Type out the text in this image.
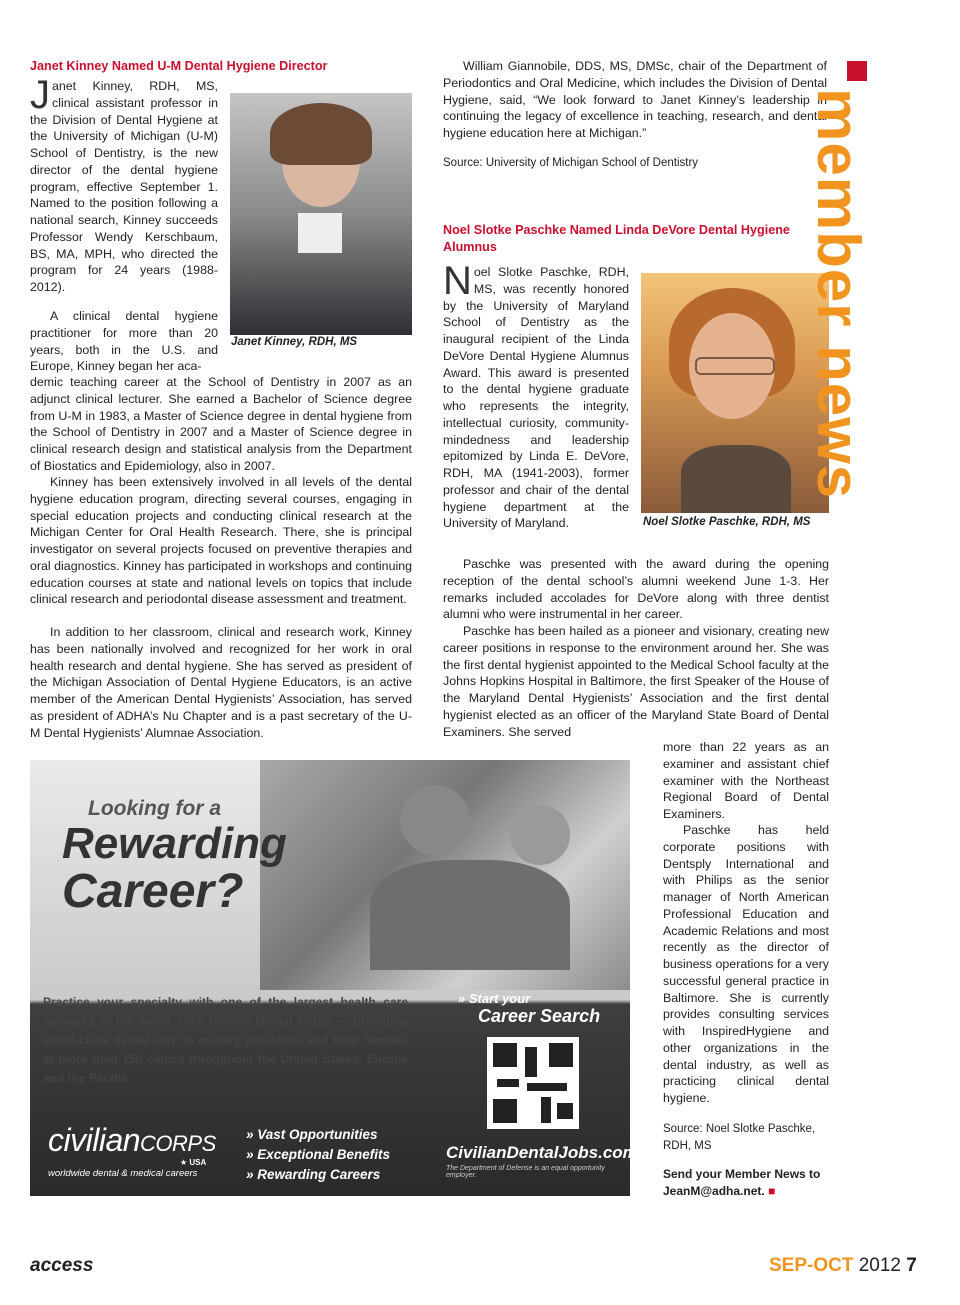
Janet Kinney Named U-M Dental Hygiene Director
Janet Kinney, RDH, MS
Janet Kinney, RDH, MS, clinical assistant professor in the Division of Dental Hygiene at the University of Michigan (U-M) School of Dentistry, is the new director of the dental hygiene program, effective September 1. Named to the position following a national search, Kinney succeeds Professor Wendy Kerschbaum, BS, MA, MPH, who directed the program for 24 years (1988-2012).
A clinical dental hygiene practitioner for more than 20 years, both in the U.S. and Europe, Kinney began her aca-
demic teaching career at the School of Dentistry in 2007 as an adjunct clinical lecturer. She earned a Bachelor of Science degree from U-M in 1983, a Master of Science degree in dental hygiene from the School of Dentistry in 2007 and a Master of Science degree in clinical research design and statistical analysis from the Department of Biostatics and Epidemiology, also in 2007.
Kinney has been extensively involved in all levels of the dental hygiene education program, directing several courses, engaging in special education projects and conducting clinical research at the Michigan Center for Oral Health Research. There, she is principal investigator on several projects focused on preventive therapies and oral diagnostics. Kinney has participated in workshops and continuing education courses at state and national levels on topics that include clinical research and periodontal disease assessment and treatment.
In addition to her classroom, clinical and research work, Kinney has been nationally involved and recognized for her work in oral health research and dental hygiene. She has served as president of the Michigan Association of Dental Hygiene Educators, is an active member of the American Dental Hygienists’ Association, has served as president of ADHA’s Nu Chapter and is a past secretary of the U-M Dental Hygienists’ Alumnae Association.
William Giannobile, DDS, MS, DMSc, chair of the Department of Periodontics and Oral Medicine, which includes the Division of Dental Hygiene, said, “We look forward to Janet Kinney’s leadership in continuing the legacy of excellence in teaching, research, and dental hygiene education here at Michigan.”
Source: University of Michigan School of Dentistry
Noel Slotke Paschke Named Linda DeVore Dental Hygiene Alumnus
Noel Slotke Paschke, RDH, MS
Noel Slotke Paschke, RDH, MS, was recently honored by the University of Maryland School of Dentistry as the inaugural recipient of the Linda DeVore Dental Hygiene Alumnus Award. This award is presented to the dental hygiene graduate who represents the integrity, intellectual curiosity, community-mindedness and leadership epitomized by Linda E. DeVore, RDH, MA (1941-2003), former professor and chair of the dental hygiene department at the University of Maryland.
Paschke was presented with the award during the opening reception of the dental school’s alumni weekend June 1-3. Her remarks included accolades for DeVore along with three dentist alumni who were instrumental in her career.
Paschke has been hailed as a pioneer and visionary, creating new career positions in response to the environment around her. She was the first dental hygienist appointed to the Medical School faculty at the Johns Hopkins Hospital in Baltimore, the first Speaker of the House of the Maryland Dental Hygienists’ Association and the first dental hygienist elected as an officer of the Maryland State Board of Dental Examiners. She served
more than 22 years as an examiner and assistant chief examiner with the Northeast Regional Board of Dental Examiners.
Paschke has held corporate positions with Dentsply International and with Philips as the senior manager of North American Professional Education and Academic Relations and most recently as the director of business operations for a very successful general practice in Baltimore. She is currently provides consulting services with InspiredHygiene and other organizations in the dental industry, as well as practicing clinical dental hygiene.
Source: Noel Slotke Paschke, RDH, MS
Send your Member News to JeanM@adha.net. ■
member news
Looking for a
Rewarding
Career?
Practice your specialty with one of the largest health care networks in the world. USA Civilian Dental Corps — providing world-class dental care to military personnel and their families at more than 150 clinics throughout the United States, Europe and the Pacific.
» Start your
Career Search
civilianCORPS
★ USA
worldwide dental & medical careers
» Vast Opportunities
» Exceptional Benefits
» Rewarding Careers
CivilianDentalJobs.com
The Department of Defense is an equal opportunity employer.
access	SEP-OCT 2012 7
